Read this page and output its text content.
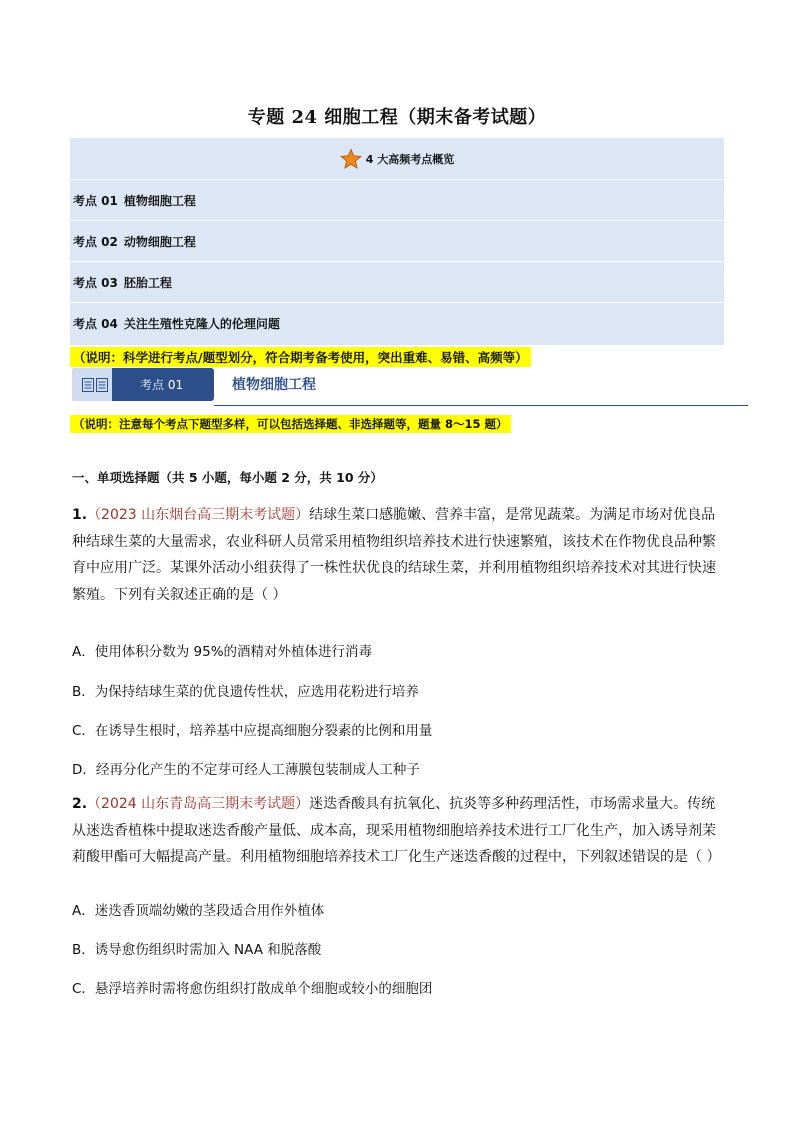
专题 24 细胞工程（期末备考试题）
4 大高频考点概览
考点 01 植物细胞工程
考点 02 动物细胞工程
考点 03 胚胎工程
考点 04 关注生殖性克隆人的伦理问题
（说明：科学进行考点/题型划分，符合期考备考使用，突出重难、易错、高频等）
考点 01	植物细胞工程
（说明：注意每个考点下题型多样，可以包括选择题、非选择题等，题量 8～15 题）
一、单项选择题（共 5 小题，每小题 2 分，共 10 分）
1.（2023 山东烟台高三期末考试题）结球生菜口感脆嫩、营养丰富，是常见蔬菜。为满足市场对优良品种结球生菜的大量需求，农业科研人员常采用植物组织培养技术进行快速繁殖，该技术在作物优良品种繁育中应用广泛。某课外活动小组获得了一株性状优良的结球生菜，并利用植物组织培养技术对其进行快速繁殖。下列有关叙述正确的是（ ）
A．使用体积分数为 95%的酒精对外植体进行消毒
B．为保持结球生菜的优良遗传性状，应选用花粉进行培养
C．在诱导生根时，培养基中应提高细胞分裂素的比例和用量
D．经再分化产生的不定芽可经人工薄膜包装制成人工种子
2.（2024 山东青岛高三期末考试题）迷迭香酸具有抗氧化、抗炎等多种药理活性，市场需求量大。传统从迷迭香植株中提取迷迭香酸产量低、成本高，现采用植物细胞培养技术进行工厂化生产，加入诱导剂茉莉酸甲酯可大幅提高产量。利用植物细胞培养技术工厂化生产迷迭香酸的过程中，下列叙述错误的是（ ）
A．迷迭香顶端幼嫩的茎段适合用作外植体
B．诱导愈伤组织时需加入 NAA 和脱落酸
C．悬浮培养时需将愈伤组织打散成单个细胞或较小的细胞团
